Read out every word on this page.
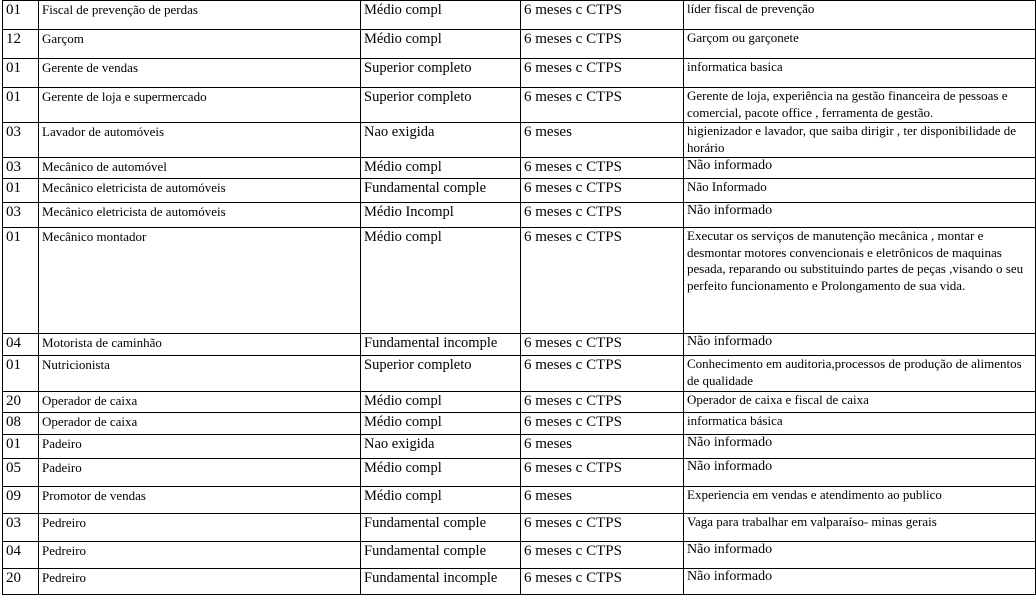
01	Fiscal de prevenção de perdas	Médio compl	6 meses c CTPS	líder fiscal de prevenção
12	Garçom	Médio compl	6 meses c CTPS	Garçom ou garçonete
01	Gerente de vendas	Superior completo	6 meses c CTPS	informatica basica
01	Gerente de loja e supermercado	Superior completo	6 meses c CTPS	Gerente de loja, experiência na gestão financeira de pessoas e comercial, pacote office , ferramenta de gestão.
03	Lavador de automóveis	Nao exigida	6 meses	higienizador e lavador, que saiba dirigir , ter disponibilidade de horário
03	Mecânico de automóvel	Médio compl	6 meses c CTPS	Não informado
01	Mecânico eletricista de automóveis	Fundamental comple	6 meses c CTPS	Não Informado
03	Mecânico eletricista de automóveis	Médio Incompl	6 meses c CTPS	Não informado
01	Mecânico montador	Médio compl	6 meses c CTPS	Executar os serviços de manutenção mecânica , montar e desmontar motores convencionais e eletrônicos de maquinas pesada, reparando ou substituindo partes de peças ,visando o seu perfeito funcionamento e Prolongamento de sua vida.
04	Motorista de caminhão	Fundamental incomple	6 meses c CTPS	Não informado
01	Nutricionista	Superior completo	6 meses c CTPS	Conhecimento em auditoria,processos de produção de alimentos de qualidade
20	Operador de caixa	Médio compl	6 meses c CTPS	Operador de caixa e fiscal de caixa
08	Operador de caixa	Médio compl	6 meses c CTPS	informatica básica
01	Padeiro	Nao exigida	6 meses	Não informado
05	Padeiro	Médio compl	6 meses c CTPS	Não informado
09	Promotor de vendas	Médio compl	6 meses	Experiencia em vendas e atendimento ao publico
03	Pedreiro	Fundamental comple	6 meses c CTPS	Vaga para trabalhar em valparaíso- minas gerais
04	Pedreiro	Fundamental comple	6 meses c CTPS	Não informado
20	Pedreiro	Fundamental incomple	6 meses c CTPS	Não informado
